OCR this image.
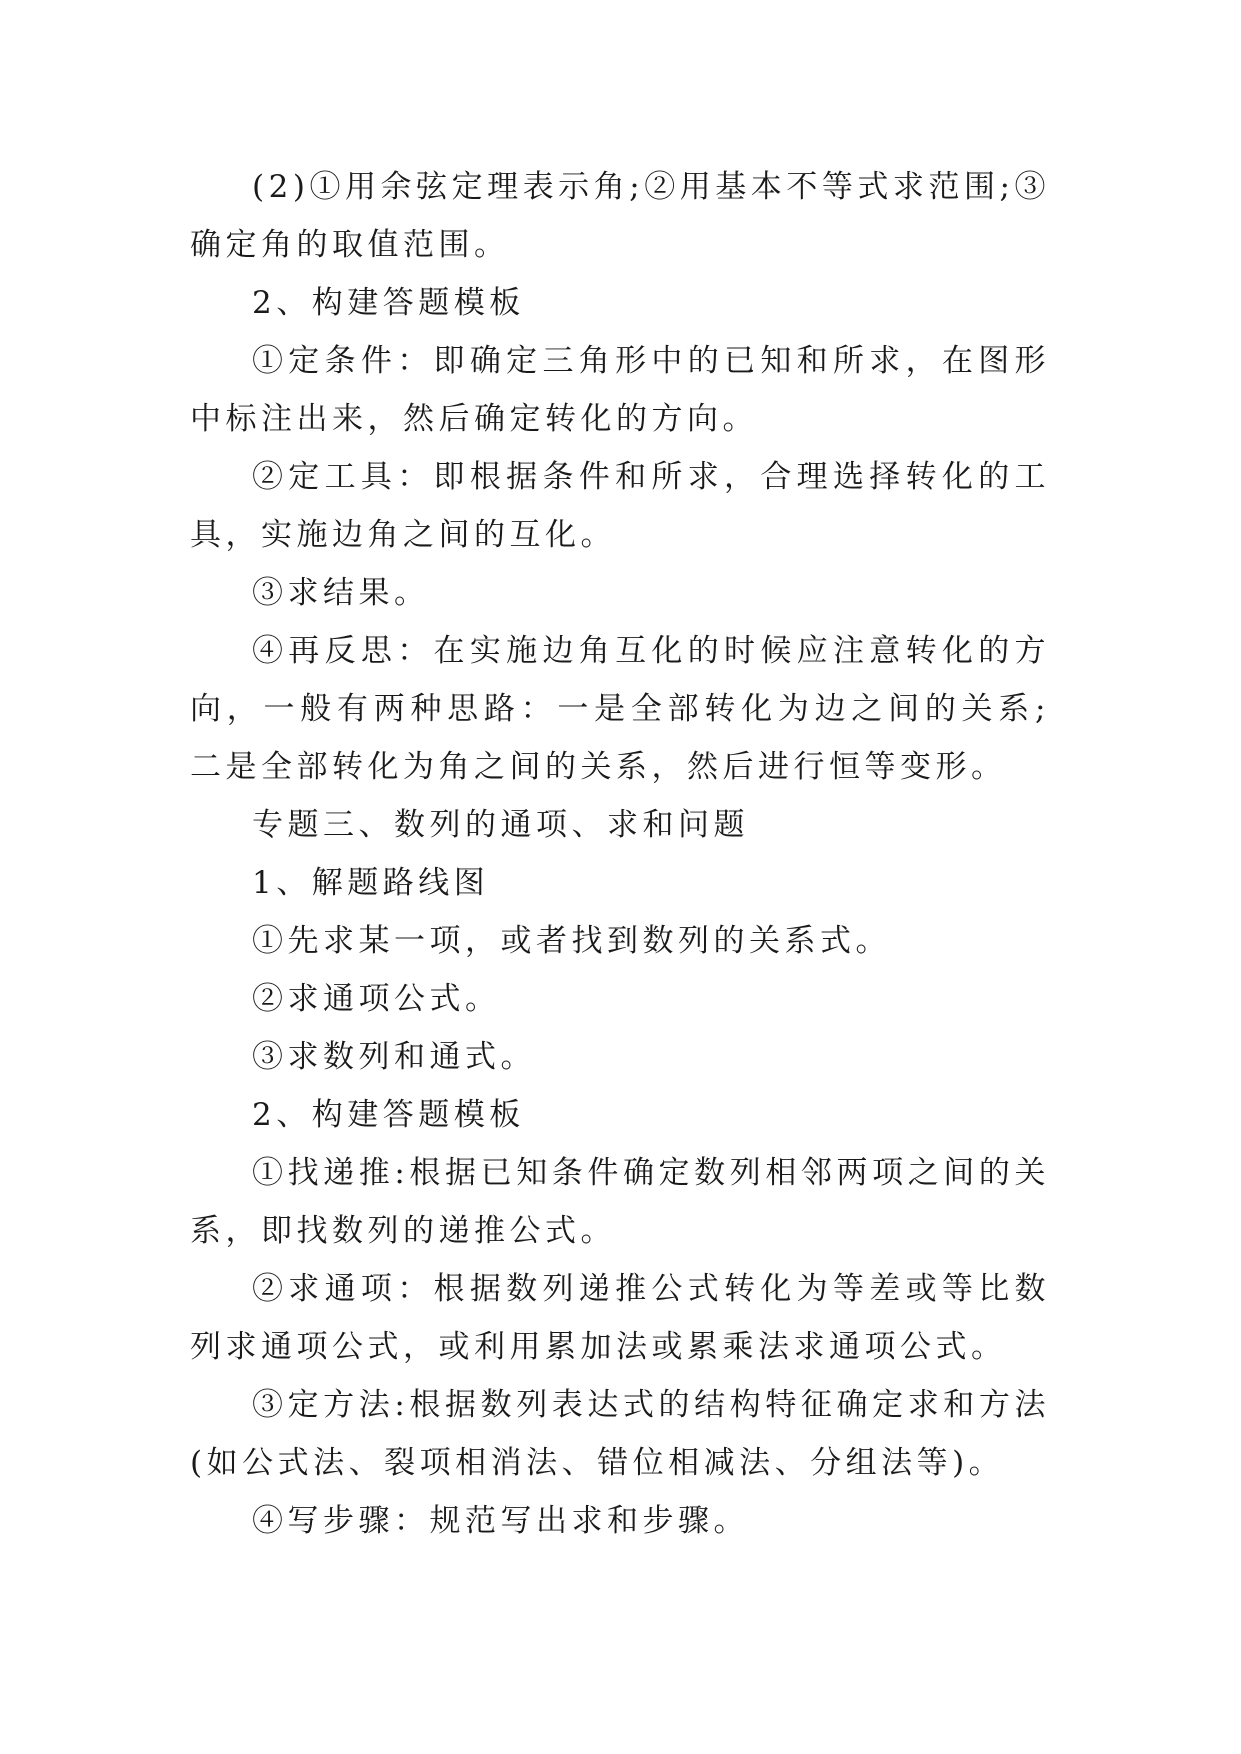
(2)①用余弦定理表示角;②用基本不等式求范围;③确定角的取值范围。

2、构建答题模板

①定条件：即确定三角形中的已知和所求，在图形中标注出来，然后确定转化的方向。

②定工具：即根据条件和所求，合理选择转化的工具，实施边角之间的互化。

③求结果。

④再反思：在实施边角互化的时候应注意转化的方向，一般有两种思路：一是全部转化为边之间的关系;二是全部转化为角之间的关系，然后进行恒等变形。

专题三、数列的通项、求和问题

1、解题路线图

①先求某一项，或者找到数列的关系式。

②求通项公式。

③求数列和通式。

2、构建答题模板

①找递推:根据已知条件确定数列相邻两项之间的关系，即找数列的递推公式。

②求通项：根据数列递推公式转化为等差或等比数列求通项公式，或利用累加法或累乘法求通项公式。

③定方法:根据数列表达式的结构特征确定求和方法(如公式法、裂项相消法、错位相减法、分组法等)。

④写步骤：规范写出求和步骤。
